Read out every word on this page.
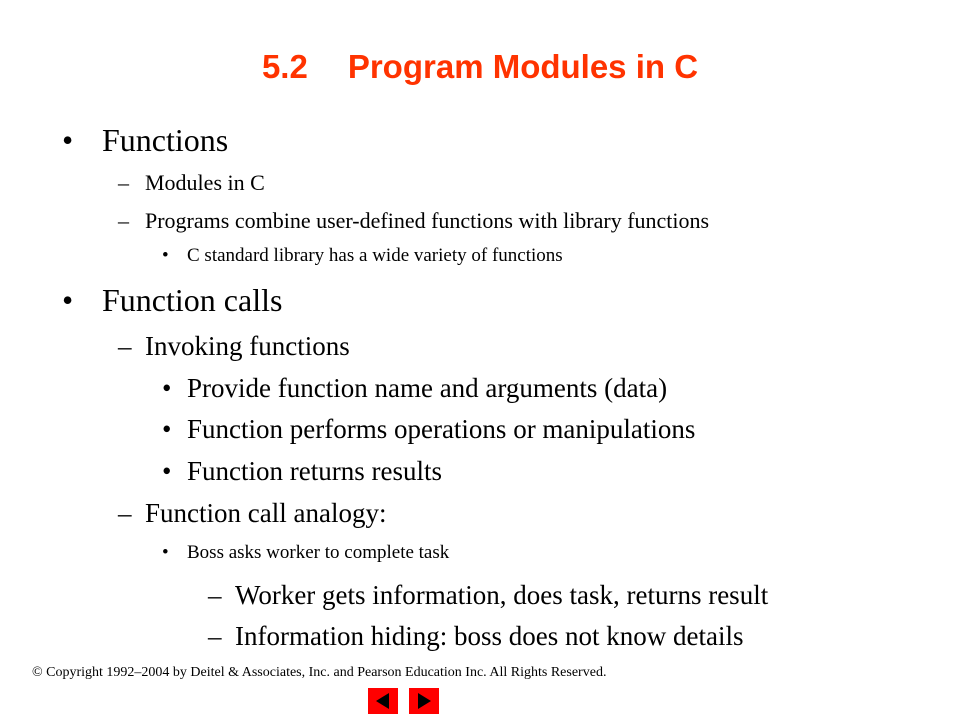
5.2 Program Modules in C
• Functions
– Modules in C
– Programs combine user-defined functions with library functions
• C standard library has a wide variety of functions
• Function calls
– Invoking functions
• Provide function name and arguments (data)
• Function performs operations or manipulations
• Function returns results
– Function call analogy:
• Boss asks worker to complete task
– Worker gets information, does task, returns result
– Information hiding: boss does not know details
© Copyright 1992–2004 by Deitel & Associates, Inc. and Pearson Education Inc. All Rights Reserved.
